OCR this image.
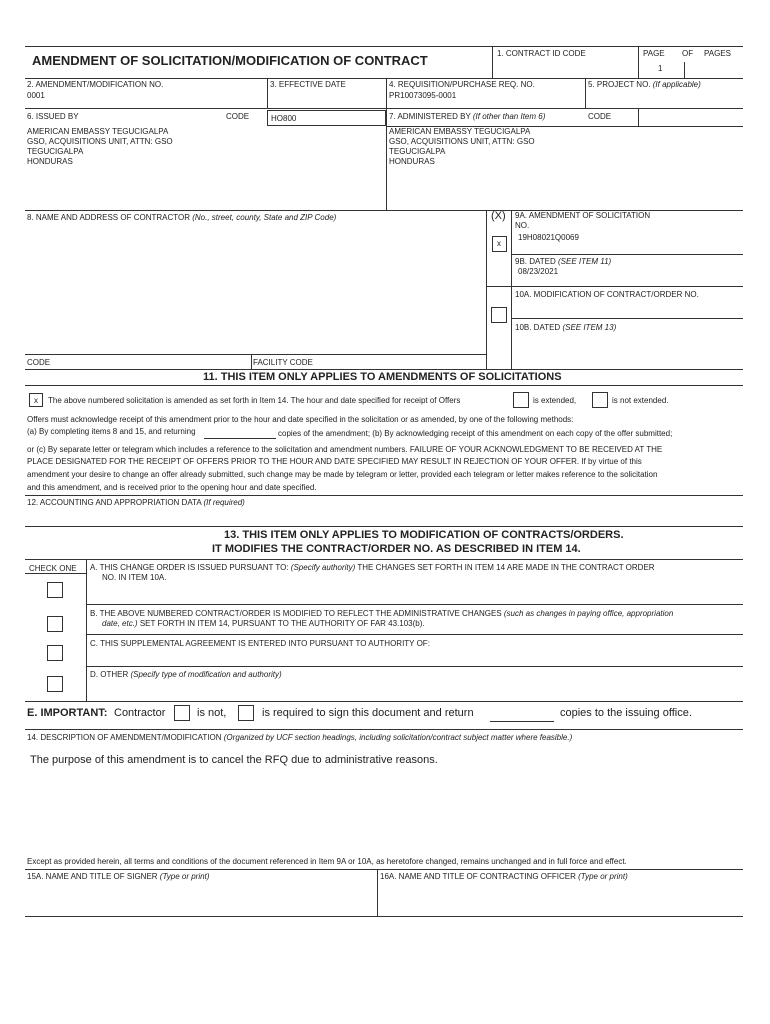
AMENDMENT OF SOLICITATION/MODIFICATION OF CONTRACT	1. CONTRACT ID CODE	PAGE OF PAGES
1
2. AMENDMENT/MODIFICATION NO.
0001
3. EFFECTIVE DATE	4. REQUISITION/PURCHASE REQ. NO.
PR10073095-0001
5. PROJECT NO. (If applicable)
6. ISSUED BY	CODE	HO800
AMERICAN EMBASSY TEGUCIGALPA
GSO, ACQUISITIONS UNIT, ATTN: GSO
TEGUCIGALPA
HONDURAS
7. ADMINISTERED BY (If other than Item 6)	CODE
AMERICAN EMBASSY TEGUCIGALPA
GSO, ACQUISITIONS UNIT, ATTN: GSO
TEGUCIGALPA
HONDURAS
8. NAME AND ADDRESS OF CONTRACTOR (No., street, county, State and ZIP Code)	(X)
x
9A. AMENDMENT OF SOLICITATION
NO.
19H08021Q0069
9B. DATED (SEE ITEM 11)
08/23/2021
10A. MODIFICATION OF CONTRACT/ORDER NO.
10B. DATED (SEE ITEM 13)
CODE	FACILITY CODE
11. THIS ITEM ONLY APPLIES TO AMENDMENTS OF SOLICITATIONS
x The above numbered solicitation is amended as set forth in Item 14. The hour and date specified for receipt of Offers	is extended,	is not extended.
Offers must acknowledge receipt of this amendment prior to the hour and date specified in the solicitation or as amended, by one of the following methods:
(a) By completing items 8 and 15, and returning	copies of the amendment; (b) By acknowledging receipt of this amendment on each copy of the offer submitted;
or (c) By separate letter or telegram which includes a reference to the solicitation and amendment numbers. FAILURE OF YOUR ACKNOWLEDGMENT TO BE RECEIVED AT THE
PLACE DESIGNATED FOR THE RECEIPT OF OFFERS PRIOR TO THE HOUR AND DATE SPECIFIED MAY RESULT IN REJECTION OF YOUR OFFER. If by virtue of this
amendment your desire to change an offer already submitted, such change may be made by telegram or letter, provided each telegram or letter makes reference to the solicitation
and this amendment, and is received prior to the opening hour and date specified.
12. ACCOUNTING AND APPROPRIATION DATA (If required)
13. THIS ITEM ONLY APPLIES TO MODIFICATION OF CONTRACTS/ORDERS.
IT MODIFIES THE CONTRACT/ORDER NO. AS DESCRIBED IN ITEM 14.
CHECK ONE A. THIS CHANGE ORDER IS ISSUED PURSUANT TO: (Specify authority) THE CHANGES SET FORTH IN ITEM 14 ARE MADE IN THE CONTRACT ORDER
NO. IN ITEM 10A.
B. THE ABOVE NUMBERED CONTRACT/ORDER IS MODIFIED TO REFLECT THE ADMINISTRATIVE CHANGES (such as changes in paying office, appropriation
date, etc.) SET FORTH IN ITEM 14, PURSUANT TO THE AUTHORITY OF FAR 43.103(b).
C. THIS SUPPLEMENTAL AGREEMENT IS ENTERED INTO PURSUANT TO AUTHORITY OF:
D. OTHER (Specify type of modification and authority)
E. IMPORTANT: Contractor	is not,	is required to sign this document and return	copies to the issuing office.
14. DESCRIPTION OF AMENDMENT/MODIFICATION (Organized by UCF section headings, including solicitation/contract subject matter where feasible.)
The purpose of this amendment is to cancel the RFQ due to administrative reasons.
Except as provided herein, all terms and conditions of the document referenced in Item 9A or 10A, as heretofore changed, remains unchanged and in full force and effect.
15A. NAME AND TITLE OF SIGNER (Type or print)	16A. NAME AND TITLE OF CONTRACTING OFFICER (Type or print)
